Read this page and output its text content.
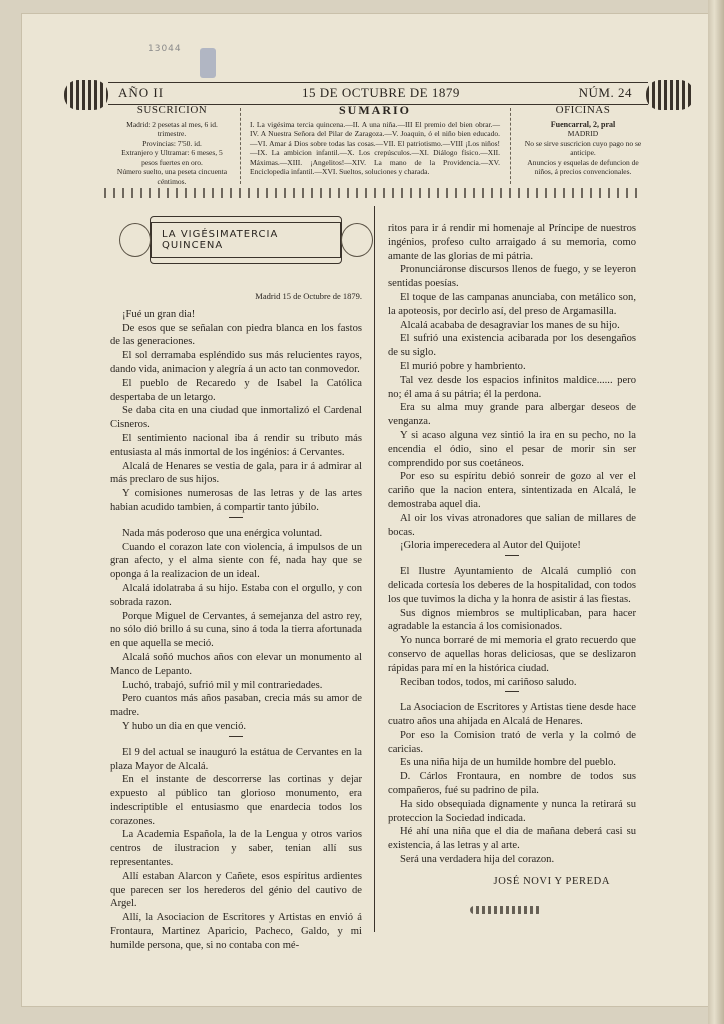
13044
AÑO II	15 DE OCTUBRE DE 1879	NÚM. 24
SUSCRICION
Madrid: 2 pesetas al mes, 6 id. trimestre.
Provincias: 7'50. id.
Extranjero y Ultramar: 6 meses, 5 pesos fuertes en oro.
Número suelto, una peseta cincuenta céntimos.
SUMARIO
I. La vigésima tercia quincena.—II. A una niña.—III El premio del bien obrar.—IV. A Nuestra Señora del Pilar de Zaragoza.—V. Joaquin, ó el niño bien educado.—VI. Amar á Dios sobre todas las cosas.—VII. El patriotismo.—VIII ¡Los niños!—IX. La ambicion infantil.—X. Los crepúsculos.—XI. Diálogo físico.—XII. Máximas.—XIII. ¡Angelitos!—XIV. La mano de la Providencia.—XV. Enciclopedia infantil.—XVI. Sueltos, soluciones y charada.
OFICINAS
Fuencarral, 2, pral
MADRID
No se sirve suscricion cuyo pago no se anticipe.
Anuncios y esquelas de defuncion de niños, á precios convencionales.
LA VIGÉSIMATERCIA QUINCENA
Madrid 15 de Octubre de 1879.

¡Fué un gran dia!

De esos que se señalan con piedra blanca en los fastos de las generaciones.

El sol derramaba espléndido sus más relucientes rayos, dando vida, animacion y alegría á un acto tan conmovedor.

El pueblo de Recaredo y de Isabel la Católica despertaba de un letargo.

Se daba cita en una ciudad que inmortalizó el Cardenal Cisneros.

El sentimiento nacional iba á rendir su tributo más entusiasta al más inmortal de los ingénios: á Cervantes.

Alcalá de Henares se vestia de gala, para ir á admirar al más preclaro de sus hijos.

Y comisiones numerosas de las letras y de las artes habian acudido tambien, á compartir tanto júbilo.

Nada más poderoso que una enérgica voluntad.

Cuando el corazon late con violencia, á impulsos de un gran afecto, y el alma siente con fé, nada hay que se oponga á la realizacion de un ideal.

Alcalá idolatraba á su hijo. Estaba con el orgullo, y con sobrada razon.

Porque Miguel de Cervantes, á semejanza del astro rey, no sólo dió brillo á su cuna, sino á toda la tierra afortunada en que aquella se meció.

Alcalá soñó muchos años con elevar un monumento al Manco de Lepanto.

Luchó, trabajó, sufrió mil y mil contrariedades.

Pero cuantos más años pasaban, crecia más su amor de madre.

Y hubo un dia en que venció.

El 9 del actual se inauguró la estátua de Cervantes en la plaza Mayor de Alcalá.

En el instante de descorrerse las cortinas y dejar expuesto al público tan glorioso monumento, era indescriptible el entusiasmo que enardecia todos los corazones.

La Academia Española, la de la Lengua y otros varios centros de ilustracion y saber, tenian allí sus representantes.

Allí estaban Alarcon y Cañete, esos espíritus ardientes que parecen ser los herederos del génio del cautivo de Argel.

Allí, la Asociacion de Escritores y Artistas en envió á Frontaura, Martinez Aparicio, Pacheco, Galdo, y mi humilde persona, que, si no contaba con mé-

ritos para ir á rendir mi homenaje al Príncipe de nuestros ingénios, profeso culto arraigado á su memoria, como amante de las glorias de mi pátria.

Pronunciáronse discursos llenos de fuego, y se leyeron sentidas poesías.

El toque de las campanas anunciaba, con metálico son, la apoteosis, por decirlo así, del preso de Argamasilla.

Alcalá acababa de desagraviar los manes de su hijo.

El sufrió una existencia acibarada por los desengaños de su siglo.

El murió pobre y hambriento.

Tal vez desde los espacios infinitos maldice...... pero no; él ama á su pátria; él la perdona.

Era su alma muy grande para albergar deseos de venganza.

Y si acaso alguna vez sintió la ira en su pecho, no la encendia el ódio, sino el pesar de morir sin ser comprendido por sus coetáneos.

Por eso su espíritu debió sonreir de gozo al ver el cariño que la nacion entera, sintentizada en Alcalá, le demostraba aquel dia.

Al oir los vivas atronadores que salian de millares de bocas.

¡Gloria imperecedera al Autor del Quijote!

El Ilustre Ayuntamiento de Alcalá cumplió con delicada cortesía los deberes de la hospitalidad, con todos los que tuvimos la dicha y la honra de asistir á las fiestas.

Sus dignos miembros se multiplicaban, para hacer agradable la estancia á los comisionados.

Yo nunca borraré de mi memoria el grato recuerdo que conservo de aquellas horas deliciosas, que se deslizaron rápidas para mí en la histórica ciudad.

Reciban todos, todos, mi cariñoso saludo.

La Asociacion de Escritores y Artistas tiene desde hace cuatro años una ahijada en Alcalá de Henares.

Por eso la Comision trató de verla y la colmó de caricias.

Es una niña hija de un humilde hombre del pueblo.

D. Cárlos Frontaura, en nombre de todos sus compañeros, fué su padrino de pila.

Ha sido obsequiada dignamente y nunca la retirará su proteccion la Sociedad indicada.

Hé ahí una niña que el dia de mañana deberá casi su existencia, á las letras y al arte.

Será una verdadera hija del corazon.

JOSÉ NOVI Y PEREDA
